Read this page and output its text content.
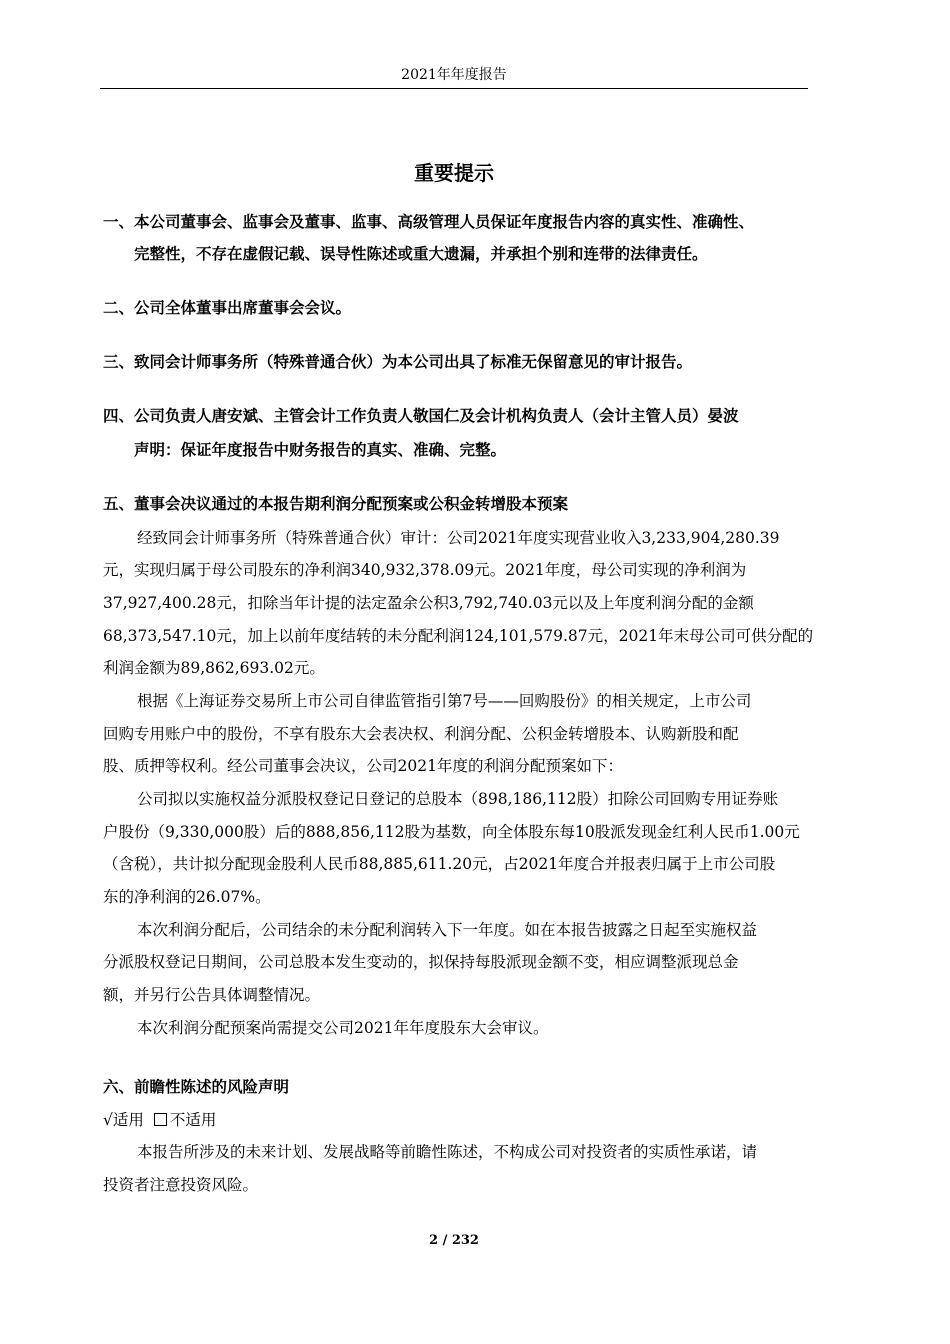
2021年年度报告
重要提示
一、本公司董事会、监事会及董事、监事、高级管理人员保证年度报告内容的真实性、准确性、
完整性，不存在虚假记载、误导性陈述或重大遗漏，并承担个别和连带的法律责任。
二、公司全体董事出席董事会会议。
三、致同会计师事务所（特殊普通合伙）为本公司出具了标准无保留意见的审计报告。
四、公司负责人唐安斌、主管会计工作负责人敬国仁及会计机构负责人（会计主管人员）晏波
声明：保证年度报告中财务报告的真实、准确、完整。
五、董事会决议通过的本报告期利润分配预案或公积金转增股本预案
经致同会计师事务所（特殊普通合伙）审计：公司2021年度实现营业收入3,233,904,280.39
元，实现归属于母公司股东的净利润340,932,378.09元。2021年度，母公司实现的净利润为
37,927,400.28元，扣除当年计提的法定盈余公积3,792,740.03元以及上年度利润分配的金额
68,373,547.10元，加上以前年度结转的未分配利润124,101,579.87元，2021年末母公司可供分配的
利润金额为89,862,693.02元。
根据《上海证券交易所上市公司自律监管指引第7号——回购股份》的相关规定，上市公司
回购专用账户中的股份，不享有股东大会表决权、利润分配、公积金转增股本、认购新股和配
股、质押等权利。经公司董事会决议，公司2021年度的利润分配预案如下：
公司拟以实施权益分派股权登记日登记的总股本（898,186,112股）扣除公司回购专用证券账
户股份（9,330,000股）后的888,856,112股为基数，向全体股东每10股派发现金红利人民币1.00元
（含税），共计拟分配现金股利人民币88,885,611.20元，占2021年度合并报表归属于上市公司股
东的净利润的26.07%。
本次利润分配后，公司结余的未分配利润转入下一年度。如在本报告披露之日起至实施权益
分派股权登记日期间，公司总股本发生变动的，拟保持每股派现金额不变，相应调整派现总金
额，并另行公告具体调整情况。
本次利润分配预案尚需提交公司2021年年度股东大会审议。
六、前瞻性陈述的风险声明
√适用 不适用
本报告所涉及的未来计划、发展战略等前瞻性陈述，不构成公司对投资者的实质性承诺，请
投资者注意投资风险。
2 / 232
